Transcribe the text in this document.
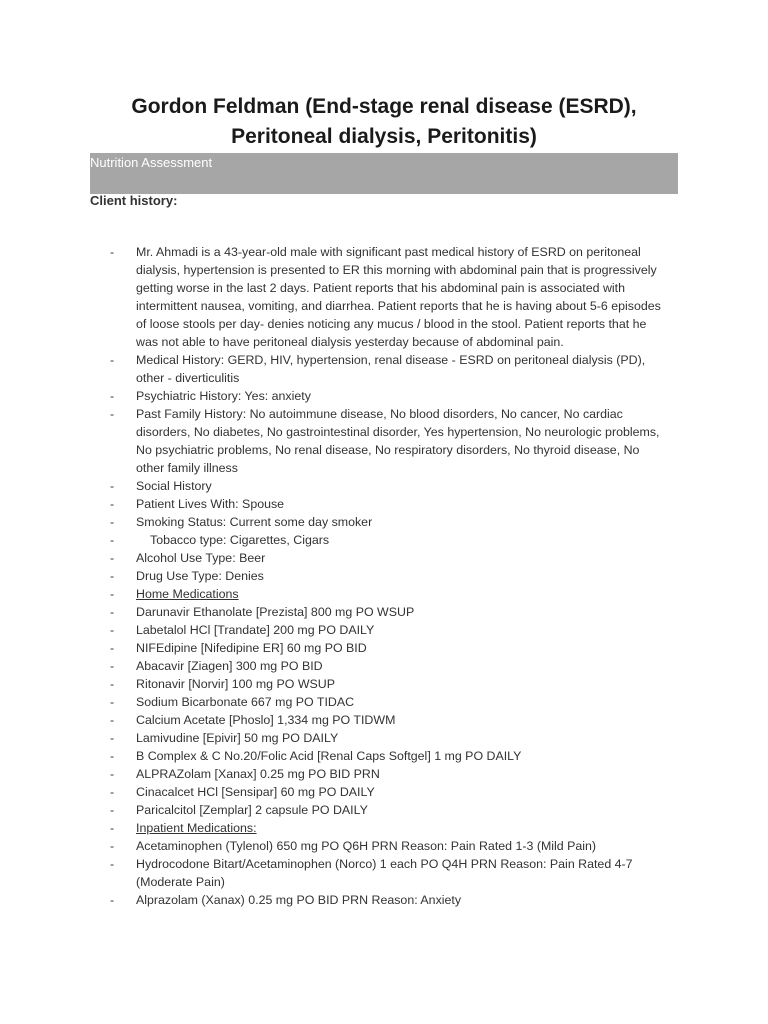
Gordon Feldman (End-stage renal disease (ESRD),
Peritoneal dialysis, Peritonitis)
Nutrition Assessment
Client history:
- Mr. Ahmadi is a 43-year-old male with significant past medical history of ESRD on peritoneal dialysis, hypertension is presented to ER this morning with abdominal pain that is progressively getting worse in the last 2 days. Patient reports that his abdominal pain is associated with intermittent nausea, vomiting, and diarrhea. Patient reports that he is having about 5-6 episodes of loose stools per day- denies noticing any mucus / blood in the stool. Patient reports that he was not able to have peritoneal dialysis yesterday because of abdominal pain.
- Medical History: GERD, HIV, hypertension, renal disease - ESRD on peritoneal dialysis (PD), other - diverticulitis
- Psychiatric History: Yes: anxiety
- Past Family History: No autoimmune disease, No blood disorders, No cancer, No cardiac disorders, No diabetes, No gastrointestinal disorder, Yes hypertension, No neurologic problems, No psychiatric problems, No renal disease, No respiratory disorders, No thyroid disease, No other family illness
- Social History
- Patient Lives With: Spouse
- Smoking Status: Current some day smoker
-	Tobacco type: Cigarettes, Cigars
- Alcohol Use Type: Beer
- Drug Use Type: Denies
- Home Medications
- Darunavir Ethanolate [Prezista] 800 mg PO WSUP
- Labetalol HCl [Trandate] 200 mg PO DAILY
- NIFEdipine [Nifedipine ER] 60 mg PO BID
- Abacavir [Ziagen] 300 mg PO BID
- Ritonavir [Norvir] 100 mg PO WSUP
- Sodium Bicarbonate 667 mg PO TIDAC
- Calcium Acetate [Phoslo] 1,334 mg PO TIDWM
- Lamivudine [Epivir] 50 mg PO DAILY
- B Complex & C No.20/Folic Acid [Renal Caps Softgel] 1 mg PO DAILY
- ALPRAZolam [Xanax] 0.25 mg PO BID PRN
- Cinacalcet HCl [Sensipar] 60 mg PO DAILY
- Paricalcitol [Zemplar] 2 capsule PO DAILY
- Inpatient Medications:
- Acetaminophen (Tylenol) 650 mg PO Q6H PRN Reason: Pain Rated 1-3 (Mild Pain)
- Hydrocodone Bitart/Acetaminophen (Norco) 1 each PO Q4H PRN Reason: Pain Rated 4-7 (Moderate Pain)
- Alprazolam (Xanax) 0.25 mg PO BID PRN Reason: Anxiety
